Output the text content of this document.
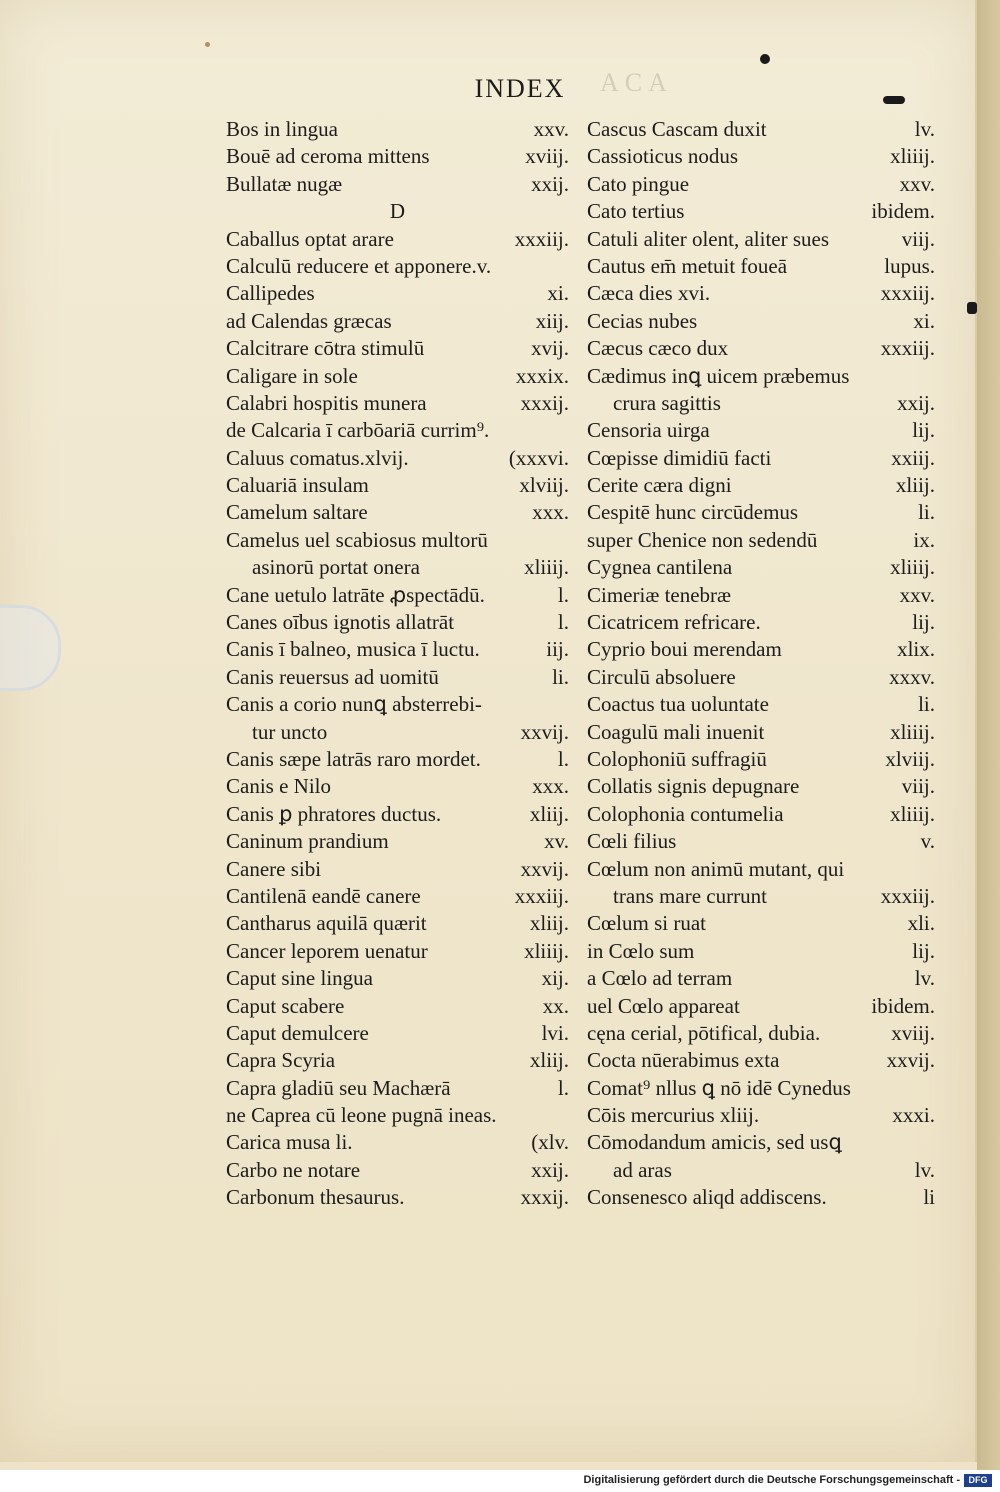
ACA
INDEX
Bos in lingua	xxv.
Bouē ad ceroma mittens	xviij.
Bullatæ nugæ	xxij.
D
Caballus optat arare	xxxiij.
Calculū reducere et apponere.v.
Callipedes	xi.
ad Calendas græcas	xiij.
Calcitrare cōtra stimulū	xvij.
Caligare in sole	xxxix.
Calabri hospitis munera	xxxij.
de Calcaria ī carbōariā currim⁹.
Caluus comatus.xlvij.	(xxxvi.
Caluariā insulam	xlviij.
Camelum saltare	xxx.
Camelus uel scabiosus multorū
asinorū portat onera	xliiij.
Cane uetulo latrāte ꝓspectādū.	l.
Canes oībus ignotis allatrāt	l.
Canis ī balneo, musica ī luctu.	iij.
Canis reuersus ad uomitū	li.
Canis a corio nunꝗ absterrebi-
tur uncto	xxvij.
Canis sæpe latrās raro mordet.	l.
Canis e Nilo	xxx.
Canis ꝑ phratores ductus.	xliij.
Caninum prandium	xv.
Canere sibi	xxvij.
Cantilenā eandē canere	xxxiij.
Cantharus aquilā quærit	xliij.
Cancer leporem uenatur	xliiij.
Caput sine lingua	xij.
Caput scabere	xx.
Caput demulcere	lvi.
Capra Scyria	xliij.
Capra gladiū seu Machærā	l.
ne Caprea cū leone pugnā ineas.
Carica musa li.	(xlv.
Carbo ne notare	xxij.
Carbonum thesaurus.	xxxij.
Cascus Cascam duxit	lv.
Cassioticus nodus	xliiij.
Cato pingue	xxv.
Cato tertius	ibidem.
Catuli aliter olent, aliter sues	viij.
Cautus em̄ metuit foueā	lupus.
Cæca dies xvi.	xxxiij.
Cecias nubes	xi.
Cæcus cæco dux	xxxiij.
Cædimus inꝗ uicem præbemus
crura sagittis	xxij.
Censoria uirga	lij.
Cœpisse dimidiū facti	xxiij.
Cerite cæra digni	xliij.
Cespitē hunc circūdemus	li.
super Chenice non sedendū	ix.
Cygnea cantilena	xliiij.
Cimeriæ tenebræ	xxv.
Cicatricem refricare.	lij.
Cyprio boui merendam	xlix.
Circulū absoluere	xxxv.
Coactus tua uoluntate	li.
Coagulū mali inuenit	xliiij.
Colophoniū suffragiū	xlviij.
Collatis signis depugnare	viij.
Colophonia contumelia	xliiij.
Cœli filius	v.
Cœlum non animū mutant, qui
trans mare currunt	xxxiij.
Cœlum si ruat	xli.
in Cœlo sum	lij.
a Cœlo ad terram	lv.
uel Cœlo appareat	ibidem.
cęna cerial, pōtifical, dubia.	xviij.
Cocta nūerabimus exta	xxvij.
Comat⁹ nllus ꝗ nō idē Cynedus
Cōis mercurius xliij.	xxxi.
Cōmodandum amicis, sed usꝗ
ad aras	lv.
Consenesco aliqd addiscens.	li
Digitalisierung gefördert durch die Deutsche Forschungsgemeinschaft - DFG
